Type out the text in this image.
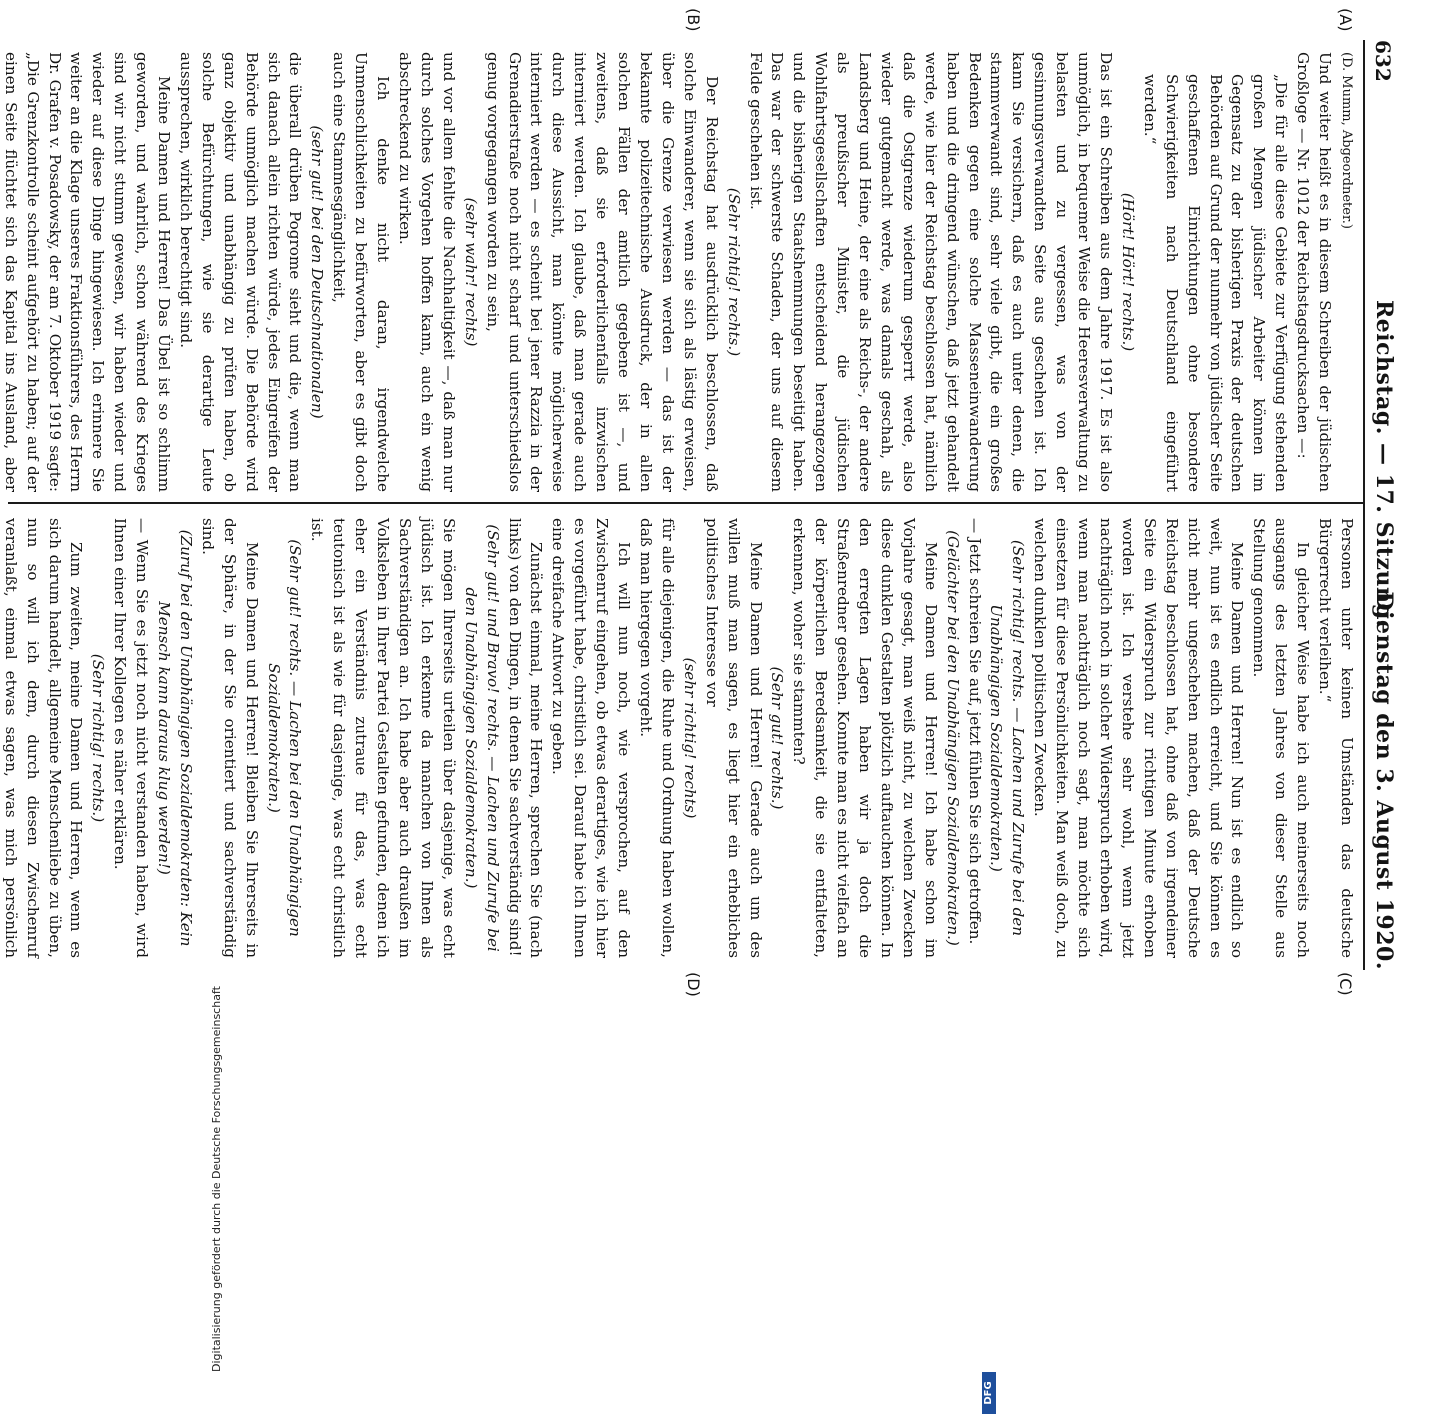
632
Reichstag. — 17. Sitzung.
Dienstag den 3. August 1920.
(A)
(B)
(C)
(D)

(D. Mumm, Abgeordneter.)

Und weiter heißt es in diesem Schreiben der jüdischen Großloge — Nr. 1012 der Reichstagsdrucksachen —:

„Die für alle diese Gebiete zur Verfügung stehenden großen Mengen jüdischer Arbeiter können im Gegensatz zu der bisherigen Praxis der deutschen Behörden auf Grund der nunmehr von jüdischer Seite geschaffenen Einrichtungen ohne besondere Schwierigkeiten nach Deutschland eingeführt werden.“

(Hört! Hört! rechts.)

Das ist ein Schreiben aus dem Jahre 1917. Es ist also unmöglich, in bequemer Weise die Heeresverwaltung zu belasten und zu vergessen, was von der gesinnungsverwandten Seite aus geschehen ist. Ich kann Sie versichern, daß es auch unter denen, die stammverwandt sind, sehr viele gibt, die ein großes Bedenken gegen eine solche Masseneinwanderung haben und die dringend wünschen, daß jetzt gehandelt werde, wie hier der Reichstag beschlossen hat, nämlich daß die Ostgrenze wiederum gesperrt werde, also wieder gutgemacht werde, was damals geschah, als Landsberg und Heine, der eine als Reichs-, der andere als preußischer Minister, die jüdischen Wohlfahrtsgesellschaften entscheidend herangezogen und die bisherigen Staatshemmungen beseitigt haben. Das war der schwerste Schaden, der uns auf diesem Felde geschehen ist.

(Sehr richtig! rechts.)

Der Reichstag hat ausdrücklich beschlossen, daß solche Einwanderer, wenn sie sich als lästig erweisen, über die Grenze verwiesen werden — das ist der bekannte polizeitechnische Ausdruck, der in allen solchen Fällen der amtlich gegebene ist —, und zweitens, daß sie erforderlichenfalls inzwischen interniert werden. Ich glaube, daß man gerade auch durch diese Aussicht, man könnte möglicherweise interniert werden — es scheint bei jener Razzia in der Grenadierstraße noch nicht scharf und unterschiedslos genug vorgegangen worden zu sein,

(sehr wahr! rechts)

und vor allem fehlte die Nachhaltigkeit —, daß man nur durch solches Vorgehen hoffen kann, auch ein wenig abschreckend zu wirken.

Ich denke nicht daran, irgendwelche Unmenschlichkeiten zu befürworten, aber es gibt doch auch eine Stammesgänglichkeit,

(sehr gut! bei den Deutschnationalen)

die überall drüben Pogrome sieht und die, wenn man sich danach allein richten würde, jedes Eingreifen der Behörde unmöglich machen würde. Die Behörde wird ganz objektiv und unabhängig zu prüfen haben, ob solche Befürchtungen, wie sie derartige Leute aussprechen, wirklich berechtigt sind.

Meine Damen und Herren! Das Übel ist so schlimm geworden, und wahrlich, schon während des Krieges sind wir nicht stumm gewesen, wir haben wieder und wieder auf diese Dinge hingewiesen. Ich erinnere Sie weiter an die Klage unseres Fraktionsführers, des Herrn Dr. Grafen v. Posadowsky, der am 7. Oktober 1919 sagte: „Die Grenzkontrolle scheint aufgehört zu haben; auf der einen Seite flüchtet sich das Kapital ins Ausland, aber

Personen unter keinen Umständen das deutsche Bürgerrecht verleihen.“

In gleicher Weise habe ich auch meinerseits noch ausgangs des letzten Jahres von dieser Stelle aus Stellung genommen.

Meine Damen und Herren! Nun ist es endlich so weit, nun ist es endlich erreicht, und Sie können es nicht mehr ungeschehen machen, daß der Deutsche Reichstag beschlossen hat, ohne daß von irgendeiner Seite ein Widerspruch zur richtigen Minute erhoben worden ist. Ich verstehe sehr wohl, wenn jetzt nachträglich noch in solcher Widerspruch erhoben wird, wenn man nachträglich noch sagt, man möchte sich einsetzen für diese Persönlichkeiten. Man weiß doch, zu welchen dunklen politischen Zwecken.

(Sehr richtig! rechts. — Lachen und Zurufe bei den Unabhängigen Sozialdemokraten.)

— Jetzt schreien Sie auf, jetzt fühlen Sie sich getroffen.

(Gelächter bei den Unabhängigen Sozialdemokraten.)

Meine Damen und Herren! Ich habe schon im Vorjahre gesagt, man weiß nicht, zu welchen Zwecken diese dunklen Gestalten plötzlich auftauchen können. In den erregten Lagen haben wir ja doch die Straßenredner gesehen. Konnte man es nicht vielfach an der körperlichen Beredsamkeit, die sie entfalteten, erkennen, woher sie stammten?

(Sehr gut! rechts.)

Meine Damen und Herren! Gerade auch um des willen muß man sagen, es liegt hier ein erhebliches politisches Interesse vor

(sehr richtig! rechts)

für alle diejenigen, die Ruhe und Ordnung haben wollen, daß man hiergegen vorgeht.

Ich will nun noch, wie versprochen, auf den Zwischenruf eingehen, ob etwas derartiges, wie ich hier es vorgeführt habe, christlich sei. Darauf habe ich Ihnen eine dreifache Antwort zu geben.

Zunächst einmal, meine Herren, sprechen Sie (nach links) von den Dingen, in denen Sie sachverständig sind!

(Sehr gut! und Bravo! rechts. — Lachen und Zurufe bei den Unabhängigen Sozialdemokraten.)

Sie mögen Ihrerseits urteilen über dasjenige, was echt jüdisch ist. Ich erkenne da manchen von Ihnen als Sachverständigen an. Ich habe aber auch draußen im Volksleben in Ihrer Partei Gestalten gefunden, denen ich eher ein Verständnis zutraue für das, was echt teutonisch ist als wie für dasjenige, was echt christlich ist.

(Sehr gut! rechts. — Lachen bei den Unabhängigen Sozialdemokraten.)

Meine Damen und Herren! Bleiben Sie Ihrerseits in der Sphäre, in der Sie orientiert und sachverständig sind.

(Zuruf bei den Unabhängigen Sozialdemokraten: Kein Mensch kann daraus klug werden!)

— Wenn Sie es jetzt noch nicht verstanden haben, wird Ihnen einer Ihrer Kollegen es näher erklären.

(Sehr richtig! rechts.)

Zum zweiten, meine Damen und Herren, wenn es sich darum handelt, allgemeine Menschenliebe zu üben, nun so will ich dem, durch diesen Zwischenruf veranlaßt, einmal etwas sagen, was mich persönlich

Digitalisierung gefördert durch die Deutsche Forschungsgemeinschaft
DFG
